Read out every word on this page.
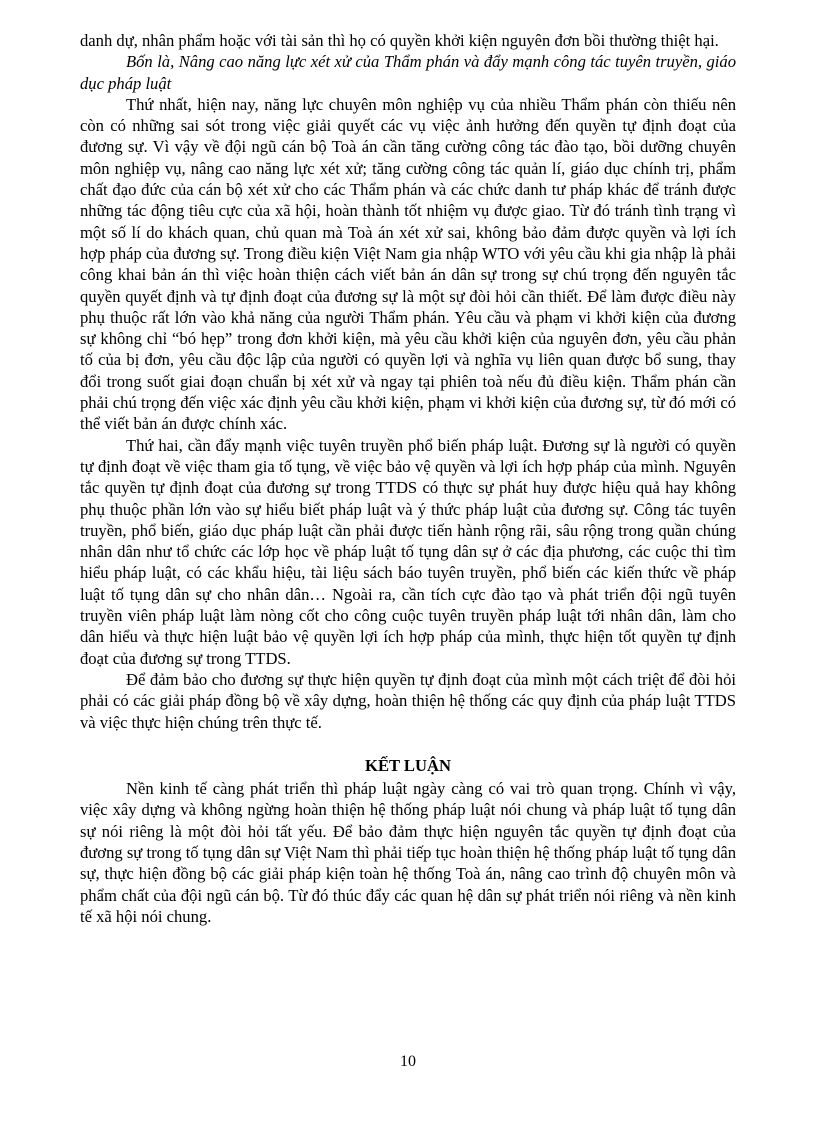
danh dự, nhân phẩm hoặc với tài sản thì họ có quyền khởi kiện nguyên đơn bồi thường thiệt hại.

Bốn là, Nâng cao năng lực xét xử của Thẩm phán và đẩy mạnh công tác tuyên truyền, giáo dục pháp luật

Thứ nhất, hiện nay, năng lực chuyên môn nghiệp vụ của nhiều Thẩm phán còn thiếu nên còn có những sai sót trong việc giải quyết các vụ việc ảnh hưởng đến quyền tự định đoạt của đương sự. Vì vậy về đội ngũ cán bộ Toà án cần tăng cường công tác đào tạo, bồi dưỡng chuyên môn nghiệp vụ, nâng cao năng lực xét xử; tăng cường công tác quản lí, giáo dục chính trị, phẩm chất đạo đức của cán bộ xét xử cho các Thẩm phán và các chức danh tư pháp khác để tránh được những tác động tiêu cực của xã hội, hoàn thành tốt nhiệm vụ được giao. Từ đó tránh tình trạng vì một số lí do khách quan, chủ quan mà Toà án xét xử sai, không bảo đảm được quyền và lợi ích hợp pháp của đương sự. Trong điều kiện Việt Nam gia nhập WTO với yêu cầu khi gia nhập là phải công khai bản án thì việc hoàn thiện cách viết bản án dân sự trong sự chú trọng đến nguyên tắc quyền quyết định và tự định đoạt của đương sự là một sự đòi hỏi cần thiết. Để làm được điều này phụ thuộc rất lớn vào khả năng của người Thẩm phán. Yêu cầu và phạm vi khởi kiện của đương sự không chỉ “bó hẹp” trong đơn khởi kiện, mà yêu cầu khởi kiện của nguyên đơn, yêu cầu phản tố của bị đơn, yêu cầu độc lập của người có quyền lợi và nghĩa vụ liên quan được bổ sung, thay đổi trong suốt giai đoạn chuẩn bị xét xử và ngay tại phiên toà nếu đủ điều kiện. Thẩm phán cần phải chú trọng đến việc xác định yêu cầu khởi kiện, phạm vi khởi kiện của đương sự, từ đó mới có thể viết bản án được chính xác.

Thứ hai, cần đẩy mạnh việc tuyên truyền phổ biến pháp luật. Đương sự là người có quyền tự định đoạt về việc tham gia tố tụng, về việc bảo vệ quyền và lợi ích hợp pháp của mình. Nguyên tắc quyền tự định đoạt của đương sự trong TTDS có thực sự phát huy được hiệu quả hay không phụ thuộc phần lớn vào sự hiểu biết pháp luật và ý thức pháp luật của đương sự. Công tác tuyên truyền, phổ biến, giáo dục pháp luật cần phải được tiến hành rộng rãi, sâu rộng trong quần chúng nhân dân như tổ chức các lớp học về pháp luật tố tụng dân sự ở các địa phương, các cuộc thi tìm hiểu pháp luật, có các khẩu hiệu, tài liệu sách báo tuyên truyền, phổ biến các kiến thức về pháp luật tố tụng dân sự cho nhân dân… Ngoài ra, cần tích cực đào tạo và phát triển đội ngũ tuyên truyền viên pháp luật làm nòng cốt cho công cuộc tuyên truyền pháp luật tới nhân dân, làm cho dân hiểu và thực hiện luật bảo vệ quyền lợi ích hợp pháp của mình, thực hiện tốt quyền tự định đoạt của đương sự trong TTDS.

Để đảm bảo cho đương sự thực hiện quyền tự định đoạt của mình một cách triệt để đòi hỏi phải có các giải pháp đồng bộ về xây dựng, hoàn thiện hệ thống các quy định của pháp luật TTDS và việc thực hiện chúng trên thực tế.

KẾT LUẬN

Nền kinh tế càng phát triển thì pháp luật ngày càng có vai trò quan trọng. Chính vì vậy, việc xây dựng và không ngừng hoàn thiện hệ thống pháp luật nói chung và pháp luật tố tụng dân sự nói riêng là một đòi hỏi tất yếu. Để bảo đảm thực hiện nguyên tắc quyền tự định đoạt của đương sự trong tố tụng dân sự Việt Nam thì phải tiếp tục hoàn thiện hệ thống pháp luật tố tụng dân sự, thực hiện đồng bộ các giải pháp kiện toàn hệ thống Toà án, nâng cao trình độ chuyên môn và phẩm chất của đội ngũ cán bộ. Từ đó thúc đẩy các quan hệ dân sự phát triển nói riêng và nền kinh tế xã hội nói chung.

10
